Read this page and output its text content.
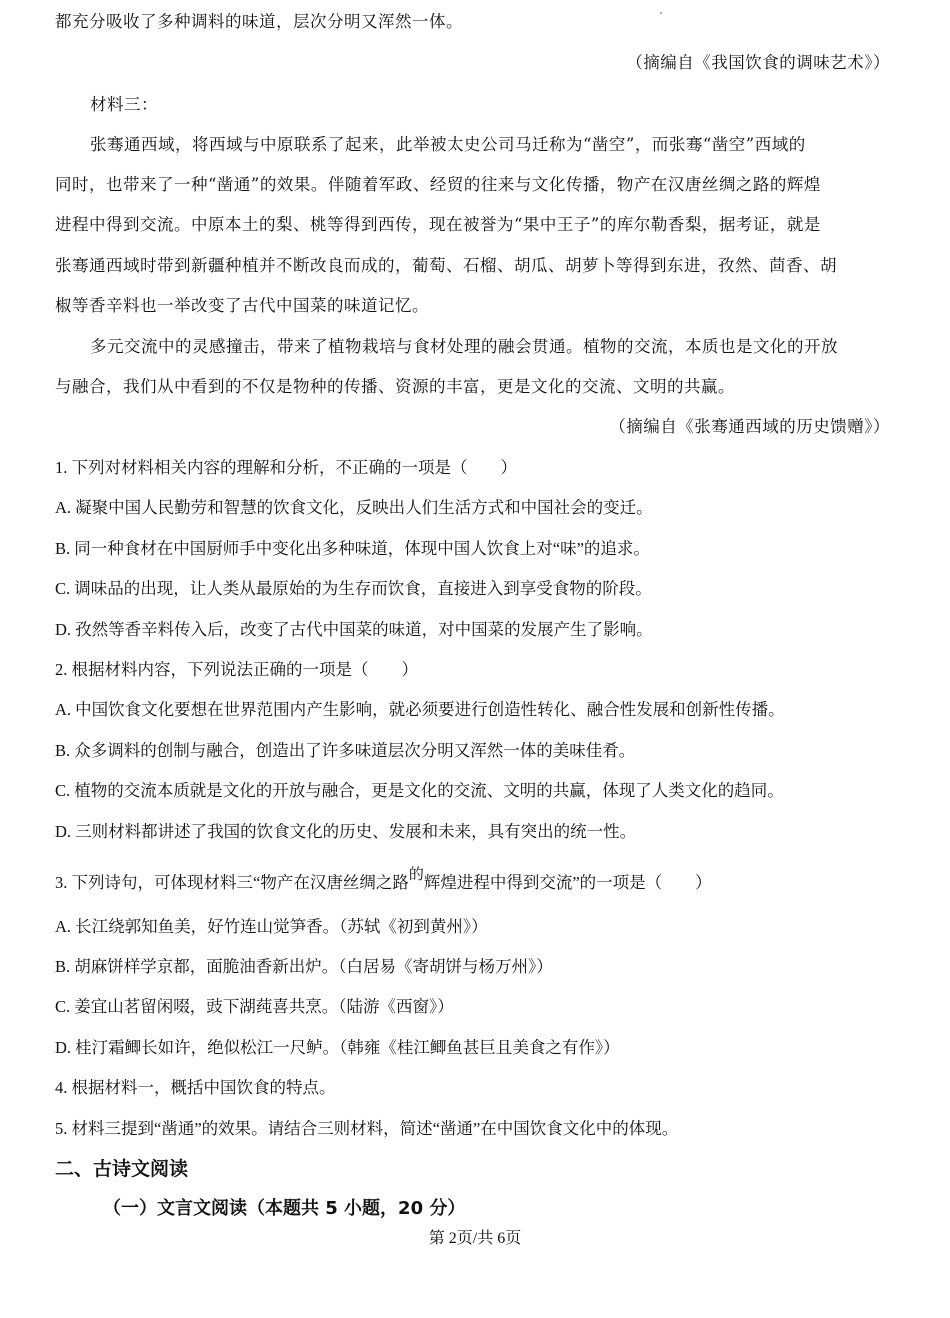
都充分吸收了多种调料的味道，层次分明又浑然一体。
（摘编自《我国饮食的调味艺术》）
材料三：
张骞通西域，将西域与中原联系了起来，此举被太史公司马迁称为“凿空”，而张骞“凿空”西域的
同时，也带来了一种“凿通”的效果。伴随着军政、经贸的往来与文化传播，物产在汉唐丝绸之路的辉煌
进程中得到交流。中原本土的梨、桃等得到西传，现在被誉为“果中王子”的库尔勒香梨，据考证，就是
张骞通西域时带到新疆种植并不断改良而成的，葡萄、石榴、胡瓜、胡萝卜等得到东进，孜然、茴香、胡
椒等香辛料也一举改变了古代中国菜的味道记忆。
多元交流中的灵感撞击，带来了植物栽培与食材处理的融会贯通。植物的交流，本质也是文化的开放
与融合，我们从中看到的不仅是物种的传播、资源的丰富，更是文化的交流、文明的共赢。
（摘编自《张骞通西域的历史馈赠》）
1. 下列对材料相关内容的理解和分析，不正确的一项是（　　）
A. 凝聚中国人民勤劳和智慧的饮食文化，反映出人们生活方式和中国社会的变迁。
B. 同一种食材在中国厨师手中变化出多种味道，体现中国人饮食上对“味”的追求。
C. 调味品的出现，让人类从最原始的为生存而饮食，直接进入到享受食物的阶段。
D. 孜然等香辛料传入后，改变了古代中国菜的味道，对中国菜的发展产生了影响。
2. 根据材料内容，下列说法正确的一项是（　　）
A. 中国饮食文化要想在世界范围内产生影响，就必须要进行创造性转化、融合性发展和创新性传播。
B. 众多调料的创制与融合，创造出了许多味道层次分明又浑然一体的美味佳肴。
C. 植物的交流本质就是文化的开放与融合，更是文化的交流、文明的共赢，体现了人类文化的趋同。
D. 三则材料都讲述了我国的饮食文化的历史、发展和未来，具有突出的统一性。
3. 下列诗句，可体现材料三“物产在汉唐丝绸之路的辉煌进程中得到交流”的一项是（　　）
A. 长江绕郭知鱼美，好竹连山觉笋香。（苏轼《初到黄州》）
B. 胡麻饼样学京都，面脆油香新出炉。（白居易《寄胡饼与杨万州》）
C. 姜宜山茗留闲啜，豉下湖莼喜共烹。（陆游《西窗》）
D. 桂汀霜鲫长如许，绝似松江一尺鲈。（韩雍《桂江鲫鱼甚巨且美食之有作》）
4. 根据材料一，概括中国饮食的特点。
5. 材料三提到“凿通”的效果。请结合三则材料，简述“凿通”在中国饮食文化中的体现。
二、古诗文阅读
（一）文言文阅读（本题共 5 小题，20 分）
第 2页/共 6页
